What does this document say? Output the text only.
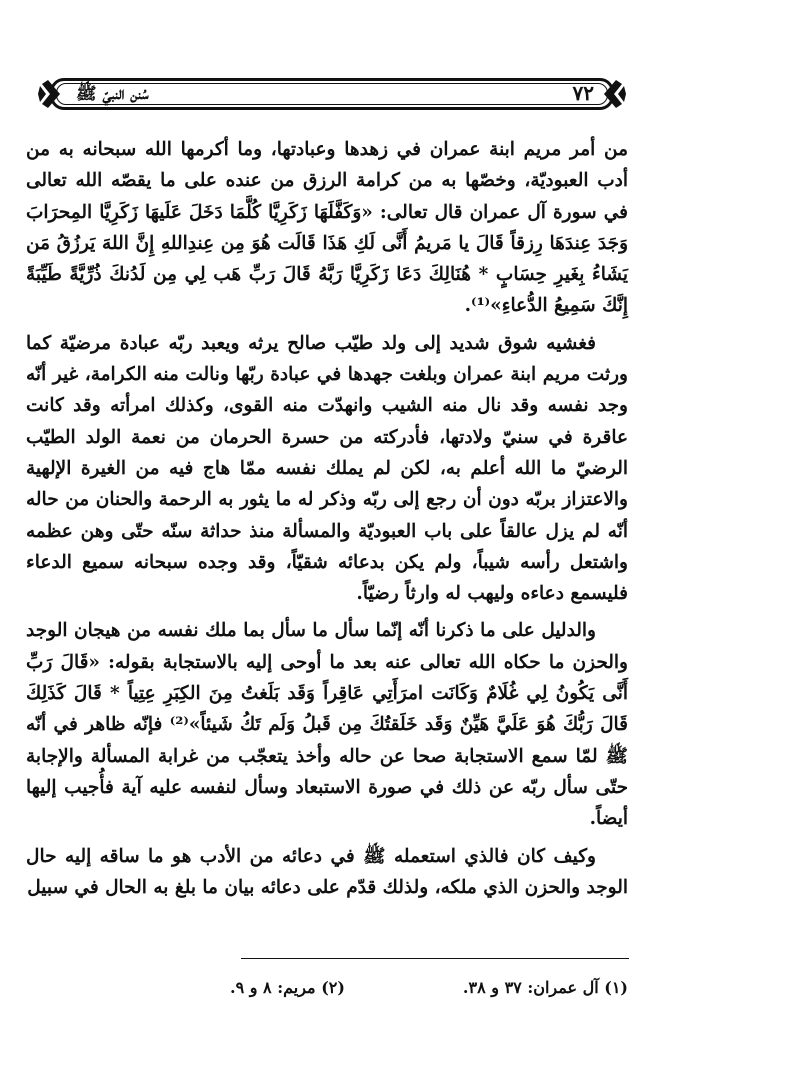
٧٢
سُنن النبيّ ﷺ

من أمر مريم ابنة عمران في زهدها وعبادتها، وما أكرمها الله سبحانه به من أدب العبوديّة، وخصّها به من كرامة الرزق من عنده على ما يقصّه الله تعالى في سورة آل عمران قال تعالى: «وَكَفَّلَهَا زَكَرِيَّا كُلَّمَا دَخَلَ عَلَيهَا زَكَرِيَّا المِحرَابَ وَجَدَ عِندَهَا رِزقاً قَالَ يا مَريمُ أَنَّى لَكِ هَذَا قَالَت هُوَ مِن عِندِاللهِ إِنَّ اللهَ يَرزُقُ مَن يَشَاءُ بِغَيرِ حِسَابٍ * هُنَالِكَ دَعَا زَكَرِيَّا رَبَّهُ قَالَ رَبِّ هَب لِي مِن لَدُنكَ ذُرِّيَّةً طَيِّبَةً إِنَّكَ سَمِيعُ الدُّعاءِ»⁽¹⁾.

فغشيه شوق شديد إلى ولد طيّب صالح يرثه ويعبد ربّه عبادة مرضيّة كما ورثت مريم ابنة عمران وبلغت جهدها في عبادة ربّها ونالت منه الكرامة، غير أنّه وجد نفسه وقد نال منه الشيب وانهدّت منه القوى، وكذلك امرأته وقد كانت عاقرة في سنيّ ولادتها، فأدركته من حسرة الحرمان من نعمة الولد الطيّب الرضيّ ما الله أعلم به، لكن لم يملك نفسه ممّا هاج فيه من الغيرة الإلهية والاعتزاز بربّه دون أن رجع إلى ربّه وذكر له ما يثور به الرحمة والحنان من حاله أنّه لم يزل عالقاً على باب العبوديّة والمسألة منذ حداثة سنّه حتّى وهن عظمه واشتعل رأسه شيباً، ولم يكن بدعائه شقيّاً، وقد وجده سبحانه سميع الدعاء فليسمع دعاءه وليهب له وارثاً رضيّاً.

والدليل على ما ذكرنا أنّه إنّما سأل ما سأل بما ملك نفسه من هيجان الوجد والحزن ما حكاه الله تعالى عنه بعد ما أوحى إليه بالاستجابة بقوله: «قَالَ رَبِّ أَنَّى يَكُونُ لِي غُلَامٌ وَكَانَت امرَأَتِي عَاقِراً وَقَد بَلَغتُ مِنَ الكِبَرِ عِتِياً * قَالَ كَذَلِكَ قَالَ رَبُّكَ هُوَ عَلَيَّ هَيِّنٌ وَقَد خَلَقتُكَ مِن قَبلُ وَلَم تَكُ شَيئاً»⁽²⁾ فإنّه ظاهر في أنّه ﷺ لمّا سمع الاستجابة صحا عن حاله وأخذ يتعجّب من غرابة المسألة والإجابة حتّى سأل ربّه عن ذلك في صورة الاستبعاد وسأل لنفسه عليه آية فأُجيب إليها أيضاً.

وكيف كان فالذي استعمله ﷺ في دعائه من الأدب هو ما ساقه إليه حال الوجد والحزن الذي ملكه، ولذلك قدّم على دعائه بيان ما بلغ به الحال في سبيل

(١) آل عمران: ٣٧ و ٣٨.
(٢) مريم: ٨ و ٩.
